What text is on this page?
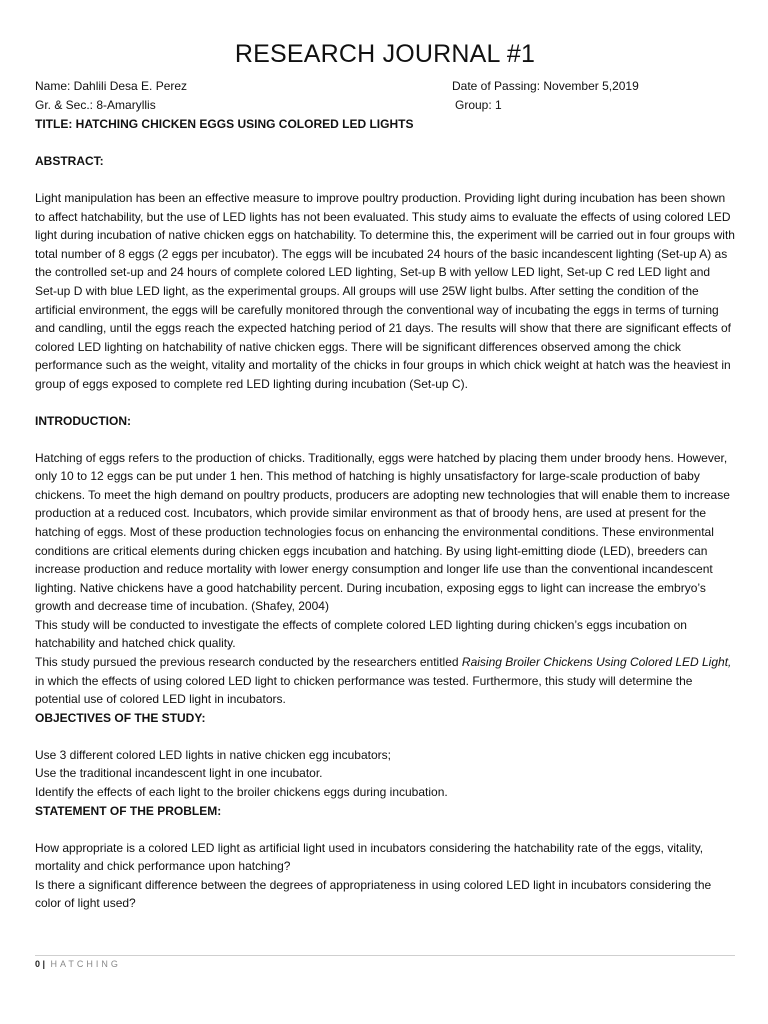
RESEARCH JOURNAL #1
Name: Dahlili Desa E. Perez	Date of Passing: November 5,2019
Gr. & Sec.: 8-Amaryllis	Group: 1
TITLE: HATCHING CHICKEN EGGS USING COLORED LED LIGHTS
ABSTRACT:

Light manipulation has been an effective measure to improve poultry production. Providing light during incubation has been shown to affect hatchability, but the use of LED lights has not been evaluated. This study aims to evaluate the effects of using colored LED light during incubation of native chicken eggs on hatchability. To determine this, the experiment will be carried out in four groups with total number of 8 eggs (2 eggs per incubator). The eggs will be incubated 24 hours of the basic incandescent lighting (Set-up A) as the controlled set-up and 24 hours of complete colored LED lighting, Set-up B with yellow LED light, Set-up C red LED light and Set-up D with blue LED light, as the experimental groups. All groups will use 25W light bulbs. After setting the condition of the artificial environment, the eggs will be carefully monitored through the conventional way of incubating the eggs in terms of turning and candling, until the eggs reach the expected hatching period of 21 days. The results will show that there are significant effects of colored LED lighting on hatchability of native chicken eggs. There will be significant differences observed among the chick performance such as the weight, vitality and mortality of the chicks in four groups in which chick weight at hatch was the heaviest in group of eggs exposed to complete red LED lighting during incubation (Set-up C).

INTRODUCTION:

Hatching of eggs refers to the production of chicks. Traditionally, eggs were hatched by placing them under broody hens. However, only 10 to 12 eggs can be put under 1 hen. This method of hatching is highly unsatisfactory for large-scale production of baby chickens. To meet the high demand on poultry products, producers are adopting new technologies that will enable them to increase production at a reduced cost. Incubators, which provide similar environment as that of broody hens, are used at present for the hatching of eggs. Most of these production technologies focus on enhancing the environmental conditions. These environmental conditions are critical elements during chicken eggs incubation and hatching. By using light-emitting diode (LED), breeders can increase production and reduce mortality with lower energy consumption and longer life use than the conventional incandescent lighting. Native chickens have a good hatchability percent. During incubation, exposing eggs to light can increase the embryo’s growth and decrease time of incubation. (Shafey, 2004)

This study will be conducted to investigate the effects of complete colored LED lighting during chicken’s eggs incubation on hatchability and hatched chick quality.

This study pursued the previous research conducted by the researchers entitled Raising Broiler Chickens Using Colored LED Light, in which the effects of using colored LED light to chicken performance was tested. Furthermore, this study will determine the potential use of colored LED light in incubators.

OBJECTIVES OF THE STUDY:
Use 3 different colored LED lights in native chicken egg incubators;
Use the traditional incandescent light in one incubator.
Identify the effects of each light to the broiler chickens eggs during incubation.
STATEMENT OF THE PROBLEM:

How appropriate is a colored LED light as artificial light used in incubators considering the hatchability rate of the eggs, vitality, mortality and chick performance upon hatching?

Is there a significant difference between the degrees of appropriateness in using colored LED light in incubators considering the color of light used?

0 | HATCHING
